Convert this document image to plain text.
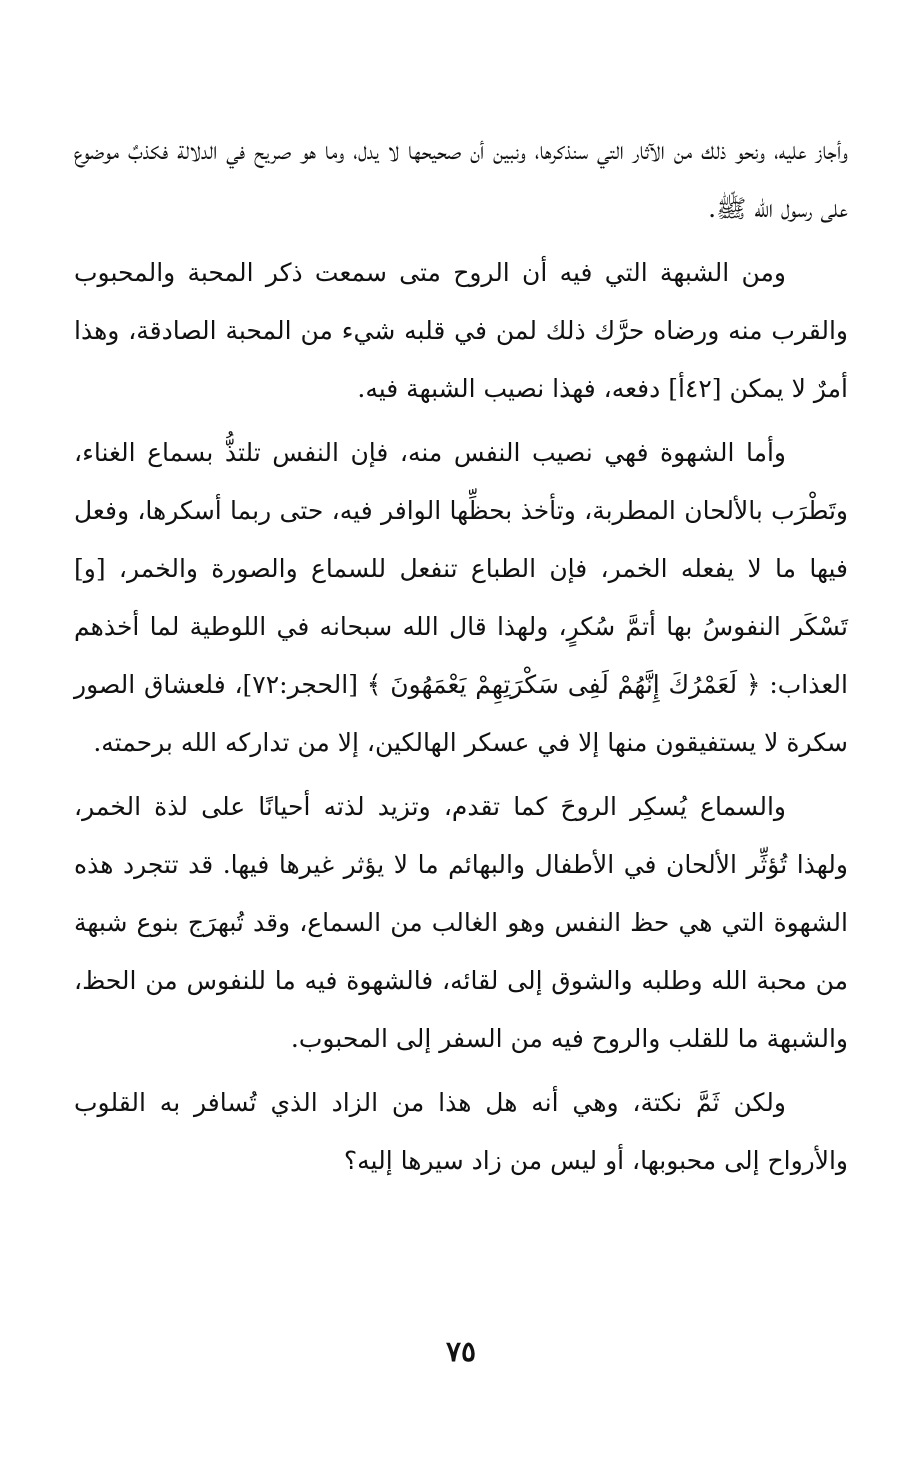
وأجاز عليه، ونحو ذلك من الآثار التي سنذكرها، ونبين أن صحيحها لا يدل، وما هو صريح في الدلالة فكذبٌ موضوع على رسول الله ﷺ.

ومن الشبهة التي فيه أن الروح متى سمعت ذكر المحبة والمحبوب والقرب منه ورضاه حرَّك ذلك لمن في قلبه شيء من المحبة الصادقة، وهذا أمرٌ لا يمكن [٤٢أ] دفعه، فهذا نصيب الشبهة فيه.

وأما الشهوة فهي نصيب النفس منه، فإن النفس تلتذُّ بسماع الغناء، وتَطْرَب بالألحان المطربة، وتأخذ بحظِّها الوافر فيه، حتى ربما أسكرها، وفعل فيها ما لا يفعله الخمر، فإن الطباع تنفعل للسماع والصورة والخمر، [و] تَسْكَر النفوسُ بها أتمَّ سُكرٍ، ولهذا قال الله سبحانه في اللوطية لما أخذهم العذاب: ﴿ لَعَمْرُكَ إِنَّهُمْ لَفِى سَكْرَتِهِمْ يَعْمَهُونَ ﴾ [الحجر:٧٢]، فلعشاق الصور سكرة لا يستفيقون منها إلا في عسكر الهالكين، إلا من تداركه الله برحمته.

والسماع يُسكِر الروحَ كما تقدم، وتزيد لذته أحيانًا على لذة الخمر، ولهذا تُؤثِّر الألحان في الأطفال والبهائم ما لا يؤثر غيرها فيها. قد تتجرد هذه الشهوة التي هي حظ النفس وهو الغالب من السماع، وقد تُبهرَج بنوع شبهة من محبة الله وطلبه والشوق إلى لقائه، فالشهوة فيه ما للنفوس من الحظ، والشبهة ما للقلب والروح فيه من السفر إلى المحبوب.

ولكن ثَمَّ نكتة، وهي أنه هل هذا من الزاد الذي تُسافر به القلوب والأرواح إلى محبوبها، أو ليس من زاد سيرها إليه؟

٧٥
